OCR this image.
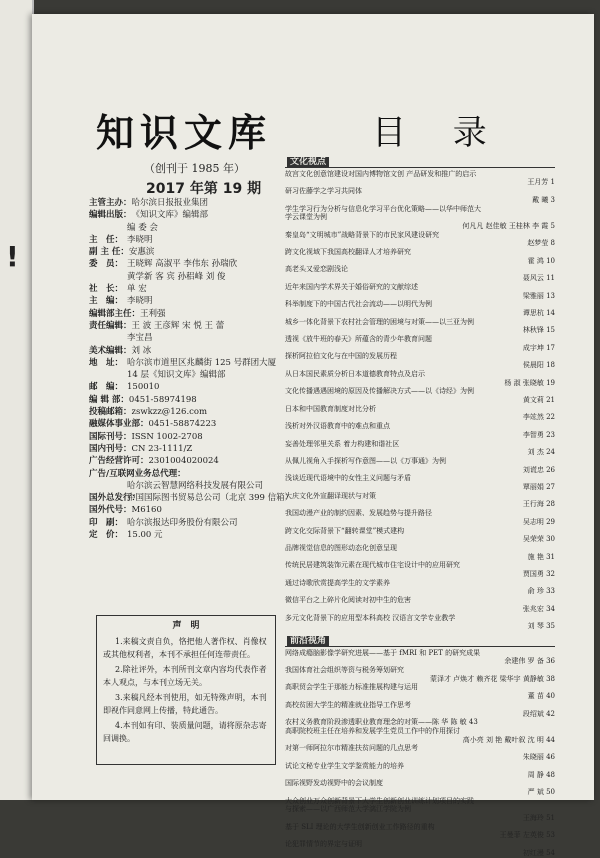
!
知识文库
（创刊于 1985 年）
2017 年第 19 期
主管主办： 哈尔滨日报报业集团
编辑出版： 《知识文库》编辑部
编 委 会
主　任： 李晓明
副 主 任： 安惠滨
委　员： 王晓辉 高淑平 李伟东 孙瑞欣
黄学新 客 宾 孙稆峰 刘 俊
社　长： 单 宏
主　编： 李晓明
编辑部主任： 王利强
责任编辑： 王 波 王彦辉 宋 悦 王 蕾
李宝昌
美术编辑： 刘 冰
地　址： 哈尔滨市道里区兆麟街 125 号群团大厦
14 层《知识文库》编辑部
邮　编： 150010
编 辑 部： 0451-58974198
投稿邮箱： zswkzz@126.com
融媒体事业部： 0451-58874223
国际刊号： ISSN 1002-2708
国内刊号： CN 23-1111/Z
广告经营许可： 2301004020024
广告/互联网业务总代理：
哈尔滨云智慧网络科技发展有限公司
国外总发行：
中国国际图书贸易总公司（北京 399 信箱）
国外代号： M6160
印　刷： 哈尔滨报达印务股份有限公司
定　价： 15.00 元
声　明

1.来稿文责自负，恪把他人著作权、肖像权或其他权利者，本刊不承担任何连带责任。

2.除社评外，本刊所刊文章内容均代表作者本人观点，与本刊立场无关。

3.来稿凡经本刊使用，如无特殊声明，本刊即视作同意网上传播，特此通告。

4.本刊如有印、装质量问题，请将原杂志寄回调换。

目 录
文化视点
故宫文化创意馆建设对国内博物馆文创 产品研发和推广的启示
王月芳 1
研习佐藤学之学习共同体
戴 曦 3
学生学习行为分析与信息化学习平台优化策略——以华中师范大
学云课堂为例
何凡凡 赵佳敏 王桂林 李 霞 5
秦皇岛“文明城市”战略背景下的市民家风建设研究
赵梦莹 8
跨文化视域下我国高校翻译人才培养研究
霍 鸿 10
高老头又爱恋剧浅论
聂风云 11
近年来国内学术界关于婚俗研究的文献综述
梁雅丽 13
科举制度下的中国古代社会流动——以明代为例
谭思杭 14
城乡一体化背景下农村社会管理的困境与对策——以三亚为例
林秋锋 15
透视《放牛班的春天》所蕴含的青少年教育问题
成宇坤 17
探析阿拉伯文化与在中国的发展历程
侯晨阳 18
从日本国民素质分析日本道德教育特点及启示
杨 淑 张晓敏 19
文化传播遇遇困境的原因及传播解决方式——以《诗经》为例
黄文莉 21
日本和中国教育制度对比分析
李竑然 22
浅析对外汉语教育中的难点和重点
李智勇 23
妄善处理邻里关系 着力构建和谐社区
刘 杰 24
从佩儿视角入手探析写作意图——以《万事通》为例
刘谎忠 26
浅谈近现代语境中的女性主义问题与矛盾
覃丽娟 27
大庆文化外宣翻译现状与对策
王行海 28
我国动漫产业的制约因素、发展趋势与提升路径
吴志明 29
跨文化交际背景下“翻转课堂”模式建构
吴荣荣 30
品牌视觉信息的图形动态化创意呈现
施 艳 31
传统民居建筑装饰元素在现代城市住宅设计中的应用研究
贾国勇 32
通过诗歌欣赏提高学生的文学素养
俞 珍 33
微信平台之上碎片化阅读对初中生的危害
张兆宏 34
多元文化背景下的应用型本科高校 汉语言文学专业教学
刘 琴 35
前沿视角
网络成瘾脑影像学研究进展——基于 fMRI 和 PET 的研究成果
余建伟 罗 备 36
我国体育社会组织等资与税务筹划研究
蒙泽才 卢焕才 赖齐花 梁华宇 黄静敏 38
高职贸会学生于那能力标准推展构建与运用
董 苗 40
高校贫困大学生的精准就业指导工作思考
段绍斌 42
农村义务教育阶段渗透职业教育理念的对策——陈 华 陈 敏 43
高职院校班主任在培养和发展学生党员工作中的作用探讨
高小亮 刘 艳 戴叶叙 沈 明 44
对第一师阿拉尔市精准扶贫问题的几点思考
朱晓丽 46
试论文秘专业学生文学鉴赏能力的培养
周 静 48
国际视野发动视野中的会议制度
严 斌 50
大众创业万众创新背景下大学生创新创业训练计划项目的实践
与探索——以广西师范大学漓江学院为例
王海玲 51
基于 SLI 理论的大学生创新创业工作路径的重构
王曼菲 左英俊 53
论犯罪情节的界定与证明
初红漫 54
